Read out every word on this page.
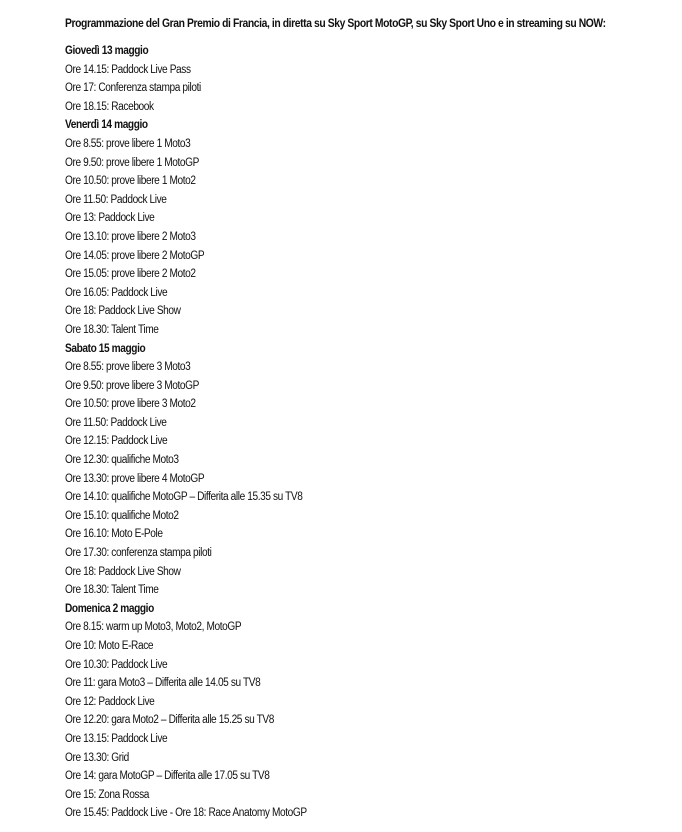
Programmazione del Gran Premio di Francia, in diretta su Sky Sport MotoGP, su Sky Sport Uno e in streaming su NOW:
Giovedì 13 maggio
Ore 14.15: Paddock Live Pass
Ore 17: Conferenza stampa piloti
Ore 18.15: Racebook
Venerdì 14 maggio
Ore 8.55: prove libere 1 Moto3
Ore 9.50: prove libere 1 MotoGP
Ore 10.50: prove libere 1 Moto2
Ore 11.50: Paddock Live
Ore 13: Paddock Live
Ore 13.10: prove libere 2 Moto3
Ore 14.05: prove libere 2 MotoGP
Ore 15.05: prove libere 2 Moto2
Ore 16.05: Paddock Live
Ore 18: Paddock Live Show
Ore 18.30: Talent Time
Sabato 15 maggio
Ore 8.55: prove libere 3 Moto3
Ore 9.50: prove libere 3 MotoGP
Ore 10.50: prove libere 3 Moto2
Ore 11.50: Paddock Live
Ore 12.15: Paddock Live
Ore 12.30: qualifiche Moto3
Ore 13.30: prove libere 4 MotoGP
Ore 14.10: qualifiche MotoGP – Differita alle 15.35 su TV8
Ore 15.10: qualifiche Moto2
Ore 16.10: Moto E-Pole
Ore 17.30: conferenza stampa piloti
Ore 18: Paddock Live Show
Ore 18.30: Talent Time
Domenica 2 maggio
Ore 8.15: warm up Moto3, Moto2, MotoGP
Ore 10: Moto E-Race
Ore 10.30: Paddock Live
Ore 11: gara Moto3 – Differita alle 14.05 su TV8
Ore 12: Paddock Live
Ore 12.20: gara Moto2 – Differita alle 15.25 su TV8
Ore 13.15: Paddock Live
Ore 13.30: Grid
Ore 14: gara MotoGP – Differita alle 17.05 su TV8
Ore 15: Zona Rossa
Ore 15.45: Paddock Live - Ore 18: Race Anatomy MotoGP
